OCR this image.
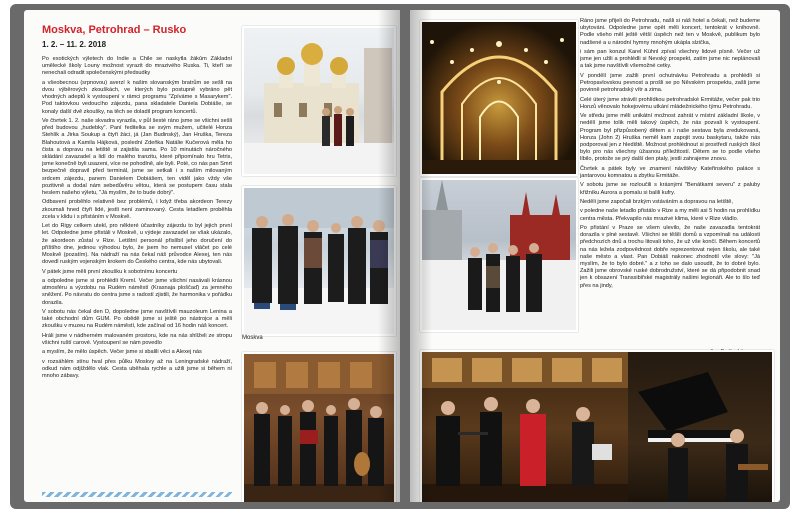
Moskva, Petrohrad – Rusko
1. 2. – 11. 2. 2018

Po exotických výletech do Indie a Chile se naskytla žákům Základní umělecké školy Louny možnost vyrazit do mrazivého Ruska. Ti, kteří se nenechali odradit společenskými předsudky

a všeobecnou (srpnovou) averzí k našim slovanským bratrům se sešli na dvou výběrových zkouškách, ve kterých bylo postupně vybráno pět vhodných adeptů k vystoupení v rámci programu "Zpíváme s Masarykem". Pod taktovkou vedoucího zájezdu, pana skladatele Daniela Dobiáše, se konaly další dvě zkoušky, na těch se doladil program koncertů.

Ve čtvrtek 1. 2. naše skvadra vyrazila, v půl šesté ráno jsme se všichni sešli před budovou „hudebky“. Paní ředitelka se svým mužem, učitelé Honza Stehlík a Jirka Soukup a čtyři žáci, já (Jan Budinský), Jan Hruška, Tereza Blahoutová a Kamila Hájková, poslední Zdeňka Natálie Kučerová měla ho čista a dopravu na letiště si zajistila sama. Po 10 minutách náročného skládání zavazadel a lidí do malého tranzitu, které připomínalo hru Tetris, jsme konečně byli usazeni, více ne pohodlně, ale byli. Poté, co nás pan Smrt bezpečně dopravil před terminál, jsme se setkali i s naším milovaným srdcem zájezdu, panem Danielem Dobiášem, ten viděl jako vždy vše pozitivně a dodal nám sebedůvěru větou, která se postupem času stala heslem našeho výletu, "Já myslím, že to bude dobrý".

Odbavení proběhlo relativně bez problémů, i když třeba akordeon Terezy zkoumali hned čtyři lidé, jestli není zaminovaný. Cesta letadlem proběhla zcela v klidu i s přistáním v Moskvě.

Let do Rigy celkem utekl, pro některé účastníky zájezdu to byl jejich první let. Odpoledne jsme přistáli v Moskvě, u výdeje zavazadel se však ukázalo, že akordeon zůstal v Rize. Letištní personál přislíbil jeho doručení do příštího dne, jedinou výhodou bylo, že jsem ho nemusel vláčet po celé Moskvě (pozatím). Na nádraží na nás čekal náš průvodce Alexej, ten nás dovedl ruským vojenským krokem do Českého centra, kde nás ubytovali.

V pátek jsme měli první zkoušku k sobotnímu koncertu

a odpoledne jsme si prohlédli Kreml. Večer jsme všichni nasávali krásnou atmosféru a výzdobu na Rudém náměstí (Krasnaja ploščaď) za jemného sněžení. Po návratu do centra jsme s radostí zjistili, že harmonika v pořádku dorazila.

V sobotu nás čekal den D, dopoledne jsme navštívili mauzoleum Lenina a také obchodní dům GUM. Po obědě jsme si ještě po nástrojce a měli zkoušku v muzeu na Rudém náměstí, kde začínal od 16 hodin náš koncert.

Hráli jsme v nádherném malovaném prostoru, kde na nás shlíželi ze stropu všichni ruští carové. Vystoupení se nám povedlo

a myslím, že mělo úspěch. Večer jsme si sbalili věci a Alexej nás

v rozsáhlém stínu hval přes půlku Moskvy až na Leningradské nádraží, odkud nám odjíždělo vlak. Cesta uběhala rychle a užili jsme si během ní mnoho zábavy.

Moskva

Ráno jsme přijeli do Petrohradu, našli si náš hotel a čekali, než budeme ubytováni. Odpoledne jsme opět měli koncert, tentokrát v knihovně. Podle všeho měl ještě větší úspěch než ten v Moskvě, publikum bylo nadšené a u národní hymny mnohým ukápla slzička,

i sám pan konzul Karel Kühnl zpíval všechny lidové písně. Večer už jsme jen užili a prohlédli si Nevský prospekt, zatím jsme nic neplánovali a tak jsme navštívili všemožné cetky.

V pondělí jsme zažili první ochutnávku Petrohradu a prohlédli si Petropavlovskou pevnost a prošli se po Něvském prospektu, zašli jsme povinně petrohradský vítr a zima.

Celé úterý jsme strávili prohlídkou petrohradské Ermitáže, večer pak trio Honzů věnovalo hokejovému utkání mládežnického týmu Petrohradu.

Ve středu jsme měli unikátní možnost zahrát v místní základní škole, v nedělí jsme tolik měli takový úspěch, že nás pozvali k vystoupení. Program byl přizpůsobený dětem a i naše sestava byla zredukovaná, Honza (John 2) Hruška neměl kam zapojit svou baskytaru, takže nás podporoval jen z hlediště. Možnost prohlédnout si prostředí ruských škol bylo pro nás všechny úžasnou příležitostí. Dětem se to podle všeho líbilo, protože se prý další den ptaly, jestli zahrajeme znovu.

Čtvrtek a pátek byly ve znamení návštěvy Kateřinského paláce s jantarovou komnatou a zbytku Ermitáže.

V sobotu jsme se rozloučili s krásnými "Benátkami severu" z paluby křižníku Aurora a pomalu si balili kufry.

Neděli jsme započali brzkým vstáváním a dopravou na letiště,

v poledne naše letadlo přistálo v Rize a my měli asi 5 hodin na prohlídku centra města. Překvapilo nás mrazivé klima, které v Rize vládlo.

Po přistání v Praze se všem ulevilo, že naše zavazadla tentokrát dorazila v plné sestavě. Všichni se těšili domů a vzpomínali na události předchozích dnů a trochu litovali toho, že už vše končí. Během koncertů na nás ležela zodpovědnost dobře reprezentovat nejen školu, ale také naše město a vlast. Pan Dobiáš nakonec zhodnotil vše slovy: "Já myslím, že to bylo dobré." a z toho se dalo usoudit, že to dobré bylo. Zažili jsme obrovské ruské dobrodružství, které se dá připodobnit snad jen k obsazení Transsibiřské magistrály našimi legionáři. Ale to šlo teď přes na jindy,
